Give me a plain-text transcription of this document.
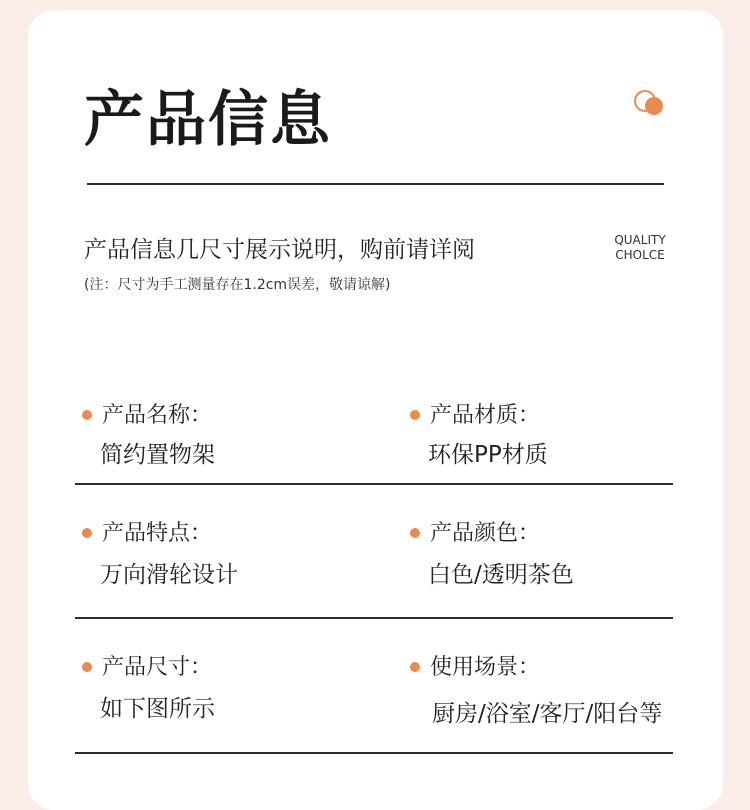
产品信息
产品信息几尺寸展示说明，购前请详阅
(注：尺寸为手工测量存在1.2cm误差，敬请谅解)
QUALITY
CHOLCE
产品名称：
简约置物架
产品材质：
环保PP材质
产品特点：
万向滑轮设计
产品颜色：
白色/透明茶色
产品尺寸：
如下图所示
使用场景：
厨房/浴室/客厅/阳台等
